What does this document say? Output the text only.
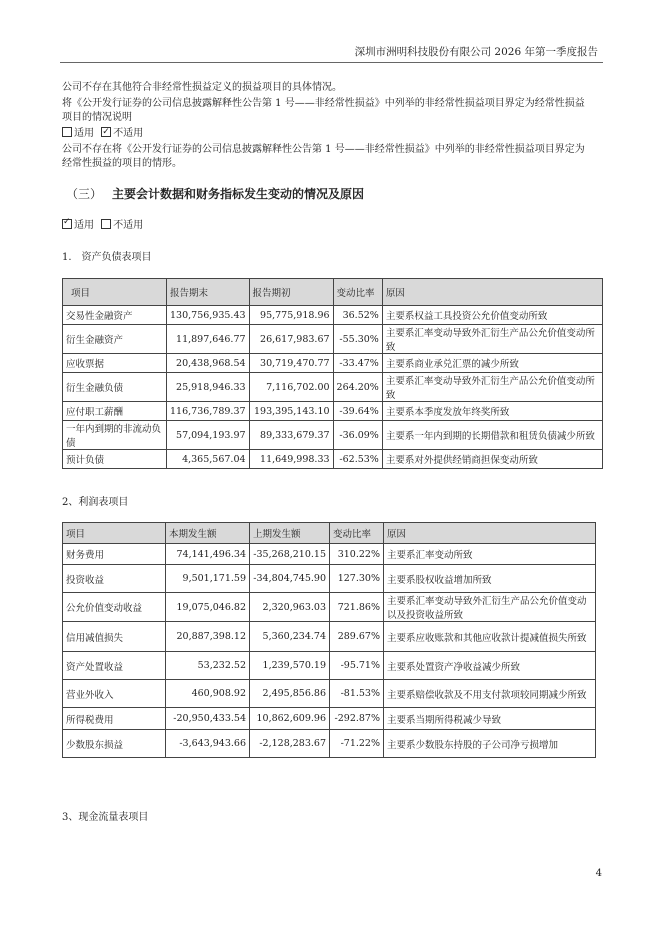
深圳市洲明科技股份有限公司 2026 年第一季度报告
公司不存在其他符合非经常性损益定义的损益项目的具体情况。
将《公开发行证券的公司信息披露解释性公告第 1 号——非经常性损益》中列举的非经常性损益项目界定为经常性损益
项目的情况说明
适用 ✓ 不适用
公司不存在将《公开发行证券的公司信息披露解释性公告第 1 号——非经常性损益》中列举的非经常性损益项目界定为
经常性损益的项目的情形。
（三） 主要会计数据和财务指标发生变动的情况及原因
✓适用 不适用
1.　资产负债表项目
项目	报告期末	报告期初	变动比率	原因
交易性金融资产	130,756,935.43	95,775,918.96	36.52%	主要系权益工具投资公允价值变动所致
衍生金融资产	11,897,646.77	26,617,983.67	-55.30%	主要系汇率变动导致外汇衍生产品公允价值变动所致
应收票据	20,438,968.54	30,719,470.77	-33.47%	主要系商业承兑汇票的减少所致
衍生金融负债	25,918,946.33	7,116,702.00	264.20%	主要系汇率变动导致外汇衍生产品公允价值变动所致
应付职工薪酬	116,736,789.37	193,395,143.10	-39.64%	主要系本季度发放年终奖所致
一年内到期的非流动负债	57,094,193.97	89,333,679.37	-36.09%	主要系一年内到期的长期借款和租赁负债减少所致
预计负债	4,365,567.04	11,649,998.33	-62.53%	主要系对外提供经销商担保变动所致
2、利润表项目
项目	本期发生额	上期发生额	变动比率	原因
财务费用	74,141,496.34	-35,268,210.15	310.22%	主要系汇率变动所致
投资收益	9,501,171.59	-34,804,745.90	127.30%	主要系股权收益增加所致
公允价值变动收益	19,075,046.82	2,320,963.03	721.86%	主要系汇率变动导致外汇衍生产品公允价值变动以及投资收益所致
信用减值损失	20,887,398.12	5,360,234.74	289.67%	主要系应收账款和其他应收款计提减值损失所致
资产处置收益	53,232.52	1,239,570.19	-95.71%	主要系处置资产净收益减少所致
营业外收入	460,908.92	2,495,856.86	-81.53%	主要系赔偿收款及不用支付款项较同期减少所致
所得税费用	-20,950,433.54	10,862,609.96	-292.87%	主要系当期所得税减少导致
少数股东损益	-3,643,943.66	-2,128,283.67	-71.22%	主要系少数股东持股的子公司净亏损增加
3、现金流量表项目
4
